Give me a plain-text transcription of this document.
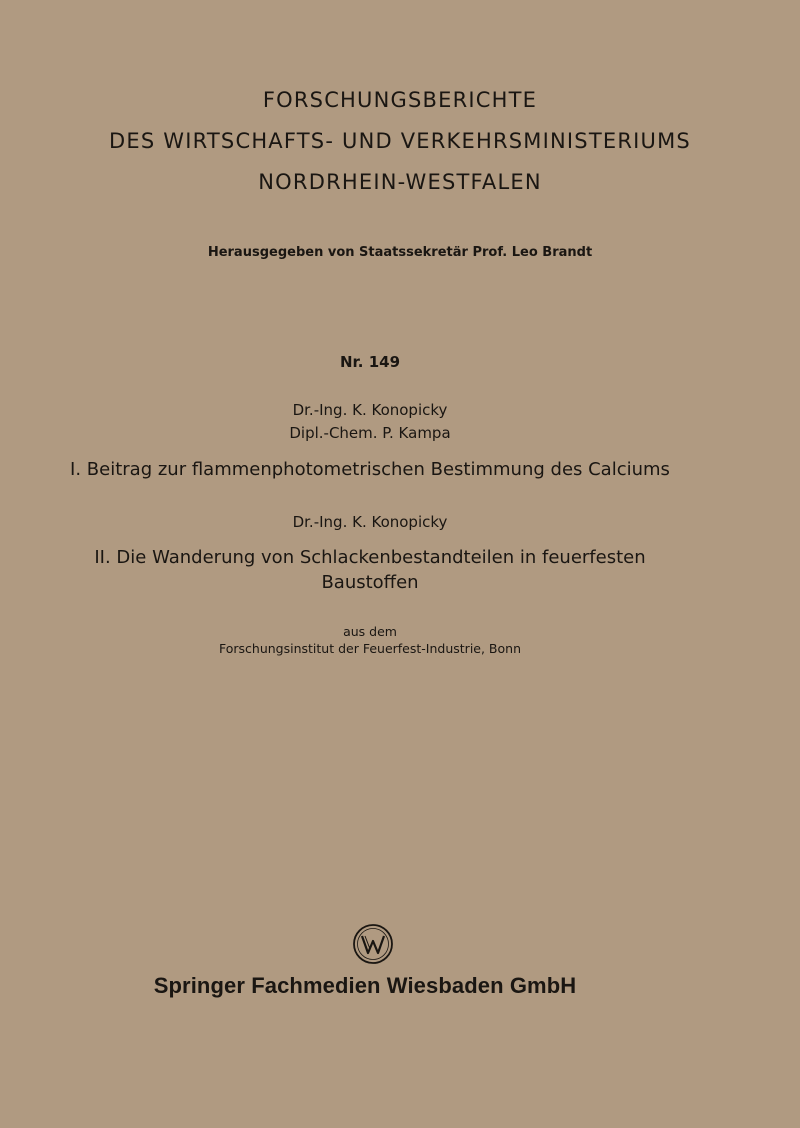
FORSCHUNGSBERICHTE
DES WIRTSCHAFTS- UND VERKEHRSMINISTERIUMS
NORDRHEIN-WESTFALEN
Herausgegeben von Staatssekretär Prof. Leo Brandt
Nr. 149
Dr.-Ing. K. Konopicky
Dipl.-Chem. P. Kampa
I. Beitrag zur flammenphotometrischen Bestimmung des Calciums
Dr.-Ing. K. Konopicky
II. Die Wanderung von Schlackenbestandteilen in feuerfesten
Baustoffen
aus dem
Forschungsinstitut der Feuerfest-Industrie, Bonn
Springer Fachmedien Wiesbaden GmbH
